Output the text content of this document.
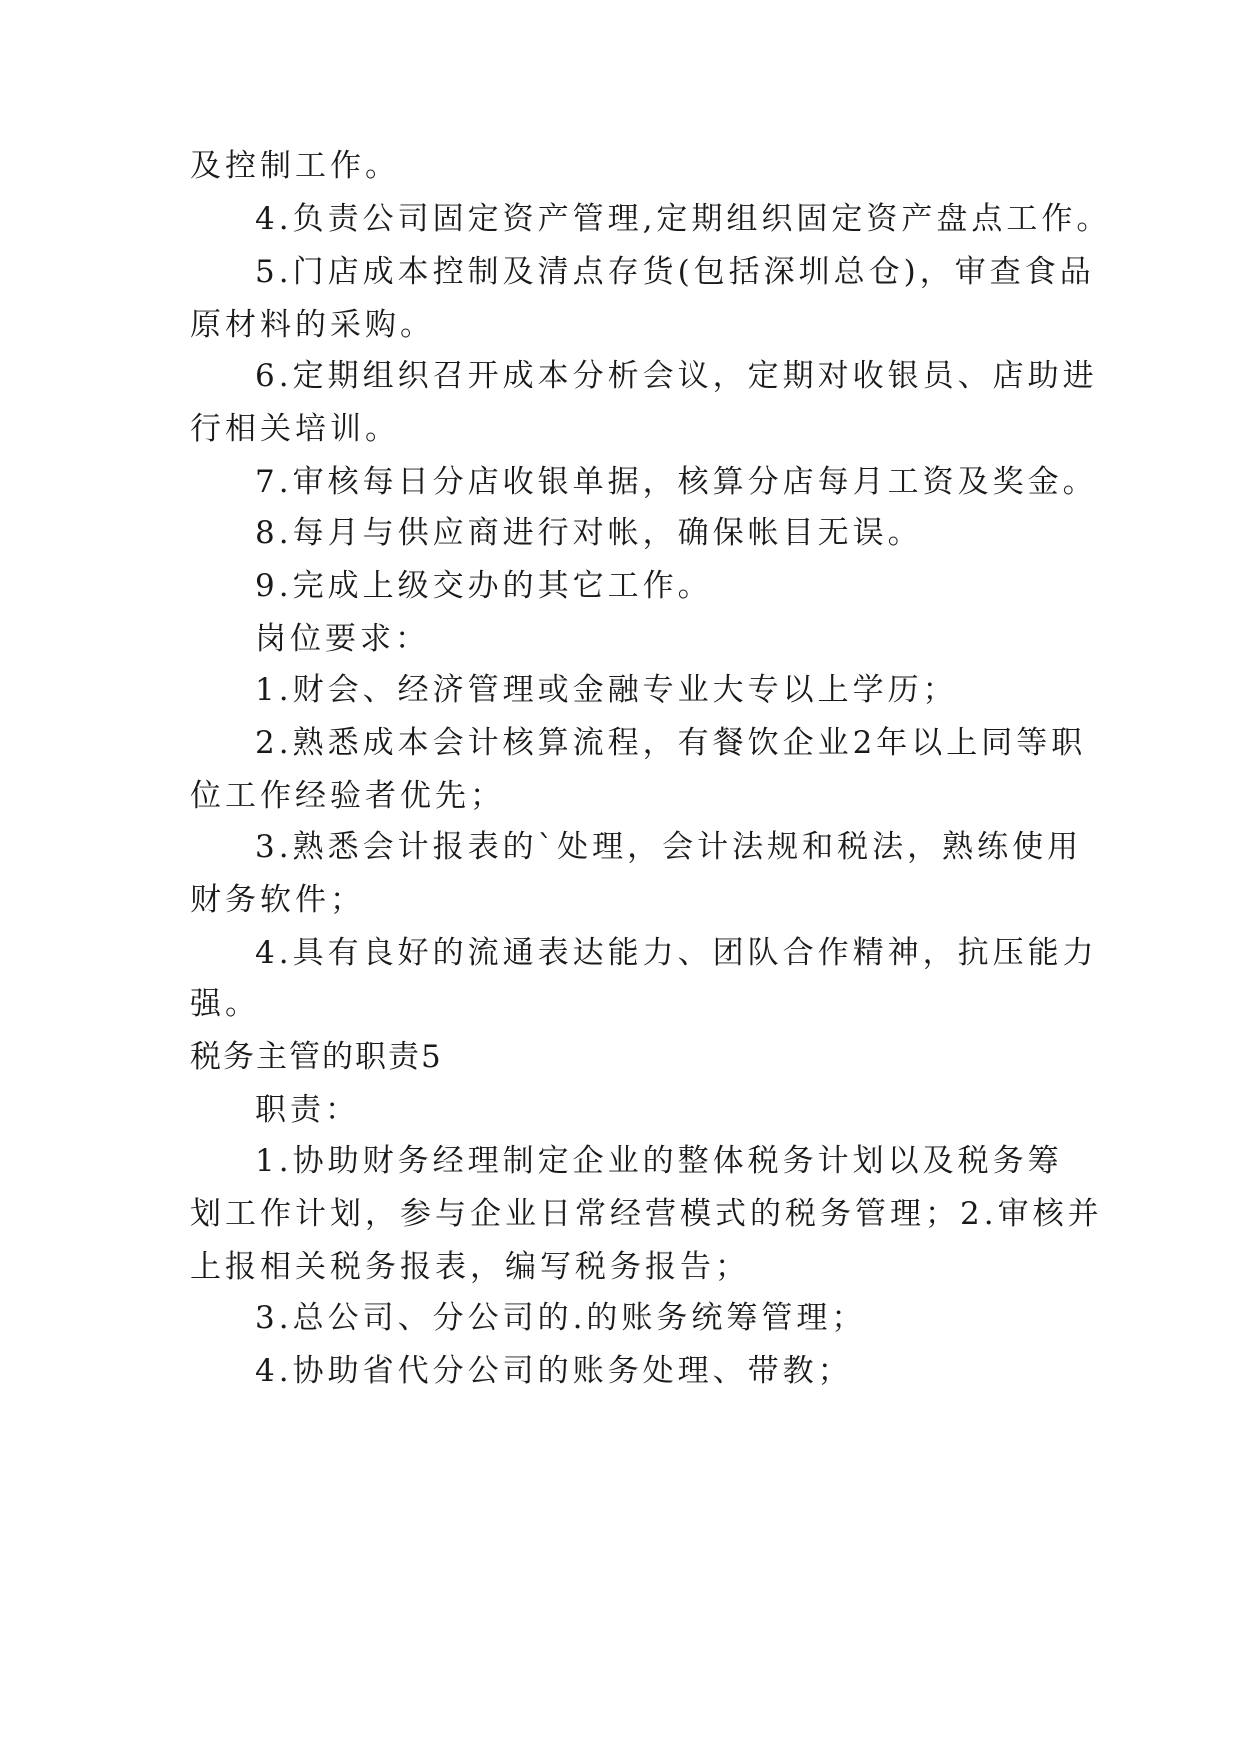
及控制工作。
4.负责公司固定资产管理,定期组织固定资产盘点工作。
5.门店成本控制及清点存货(包括深圳总仓)，审查食品
原材料的采购。
6.定期组织召开成本分析会议，定期对收银员、店助进
行相关培训。
7.审核每日分店收银单据，核算分店每月工资及奖金。
8.每月与供应商进行对帐，确保帐目无误。
9.完成上级交办的其它工作。
岗位要求：
1.财会、经济管理或金融专业大专以上学历；
2.熟悉成本会计核算流程，有餐饮企业2年以上同等职
位工作经验者优先；
3.熟悉会计报表的`处理，会计法规和税法，熟练使用
财务软件；
4.具有良好的流通表达能力、团队合作精神，抗压能力
强。
税务主管的职责5
职责：
1.协助财务经理制定企业的整体税务计划以及税务筹
划工作计划，参与企业日常经营模式的税务管理；2.审核并
上报相关税务报表，编写税务报告；
3.总公司、分公司的.的账务统筹管理；
4.协助省代分公司的账务处理、带教；
